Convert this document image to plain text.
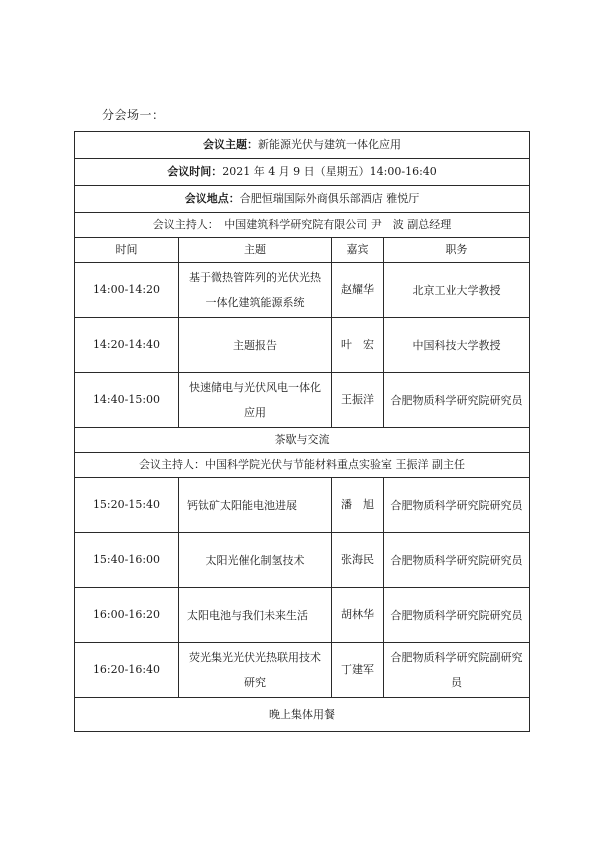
分会场一：
会议主题：新能源光伏与建筑一体化应用			
会议时间：2021 年 4 月 9 日（星期五）14:00-16:40			
会议地点：合肥恒瑞国际外商俱乐部酒店 雅悦厅			
会议主持人：　中国建筑科学研究院有限公司 尹　波 副总经理			
时间	主题	嘉宾	职务
14:00-14:20	基于微热管阵列的光伏光热一体化建筑能源系统	赵耀华	北京工业大学教授
14:20-14:40	主题报告	叶　宏	中国科技大学教授
14:40-15:00	快速储电与光伏风电一体化应用	王振洋	合肥物质科学研究院研究员
茶歇与交流			
会议主持人：中国科学院光伏与节能材料重点实验室 王振洋 副主任			
15:20-15:40	钙钛矿太阳能电池进展	潘　旭	合肥物质科学研究院研究员
15:40-16:00	太阳光催化制氢技术	张海民	合肥物质科学研究院研究员
16:00-16:20	太阳电池与我们未来生活	胡林华	合肥物质科学研究院研究员
16:20-16:40	荧光集光光伏光热联用技术研究	丁建军	合肥物质科学研究院副研究员
晚上集体用餐			
